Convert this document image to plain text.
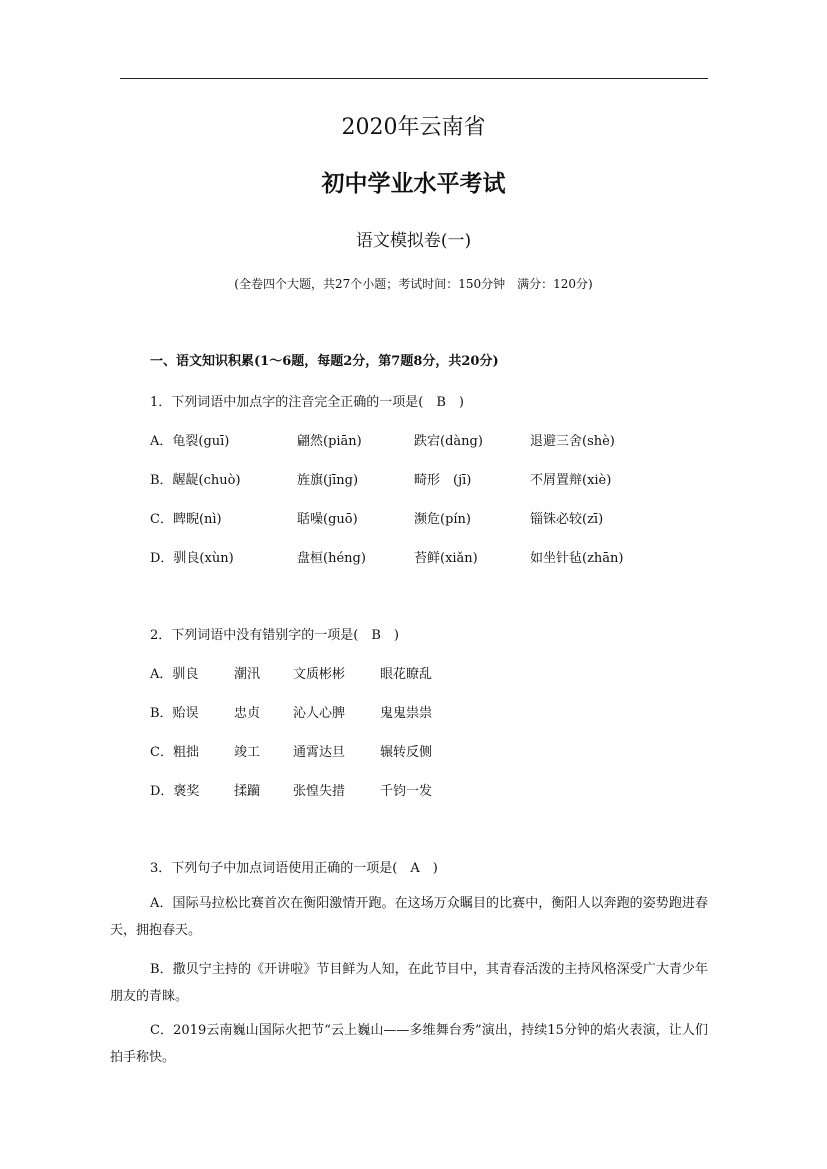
2020年云南省
初中学业水平考试
语文模拟卷(一)
(全卷四个大题，共27个小题；考试时间：150分钟　满分：120分)
一、语文知识积累(1～6题，每题2分，第7题8分，共20分)
1．下列词语中加点字的注音完全正确的一项是(　B　)
A．龟裂(guī)	翩然(piān)	跌宕(dàng)	退避三舍(shè)
B．龌龊(chuò)	旌旗(jīng)	畸形　(jī)	不屑置辩(xiè)
C．睥睨(nì)	聒噪(guō)	濒危(pín)	锱铢必较(zī)
D．驯良(xùn)	盘桓(héng)	苔鲜(xiǎn)	如坐针毡(zhān)
2．下列词语中没有错别字的一项是(　B　)
A．驯良	潮汛	文质彬彬	眼花瞭乱
B．贻误	忠贞	沁人心脾	鬼鬼祟祟
C．粗拙	竣工	通霄达旦	辗转反侧
D．褒奖	揉躏	张惶失措	千钧一发
3．下列句子中加点词语使用正确的一项是(　A　)
A．国际马拉松比赛首次在衡阳激情开跑。在这场万众瞩目的比赛中，衡阳人以奔跑的姿势跑进春天，拥抱春天。
B．撒贝宁主持的《开讲啦》节目鲜为人知，在此节目中，其青春活泼的主持风格深受广大青少年朋友的青睐。
C．2019云南巍山国际火把节“云上巍山——多维舞台秀”演出，持续15分钟的焰火表演，让人们拍手称快。
